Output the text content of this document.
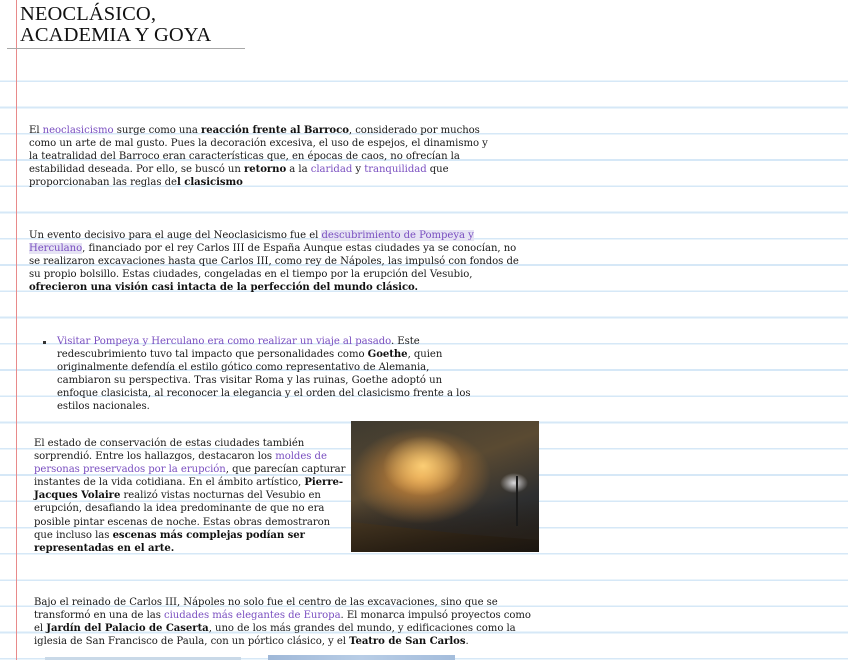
NEOCLÁSICO,
ACADEMIA Y GOYA

El neoclasicismo surge como una reacción frente al Barroco, considerado por muchos como un arte de mal gusto. Pues la decoración excesiva, el uso de espejos, el dinamismo y la teatralidad del Barroco eran características que, en épocas de caos, no ofrecían la estabilidad deseada. Por ello, se buscó un retorno a la claridad y tranquilidad que proporcionaban las reglas del clasicismo

Un evento decisivo para el auge del Neoclasicismo fue el descubrimiento de Pompeya y Herculano, financiado por el rey Carlos III de España Aunque estas ciudades ya se conocían, no se realizaron excavaciones hasta que Carlos III, como rey de Nápoles, las impulsó con fondos de su propio bolsillo. Estas ciudades, congeladas en el tiempo por la erupción del Vesubio, ofrecieron una visión casi intacta de la perfección del mundo clásico.

Visitar Pompeya y Herculano era como realizar un viaje al pasado. Este redescubrimiento tuvo tal impacto que personalidades como Goethe, quien originalmente defendía el estilo gótico como representativo de Alemania, cambiaron su perspectiva. Tras visitar Roma y las ruinas, Goethe adoptó un enfoque clasicista, al reconocer la elegancia y el orden del clasicismo frente a los estilos nacionales.

El estado de conservación de estas ciudades también sorprendió. Entre los hallazgos, destacaron los moldes de personas preservados por la erupción, que parecían capturar instantes de la vida cotidiana. En el ámbito artístico, Pierre-Jacques Volaire realizó vistas nocturnas del Vesubio en erupción, desafiando la idea predominante de que no era posible pintar escenas de noche. Estas obras demostraron que incluso las escenas más complejas podían ser representadas en el arte.

Bajo el reinado de Carlos III, Nápoles no solo fue el centro de las excavaciones, sino que se transformó en una de las ciudades más elegantes de Europa. El monarca impulsó proyectos como el Jardín del Palacio de Caserta, uno de los más grandes del mundo, y edificaciones como la iglesia de San Francisco de Paula, con un pórtico clásico, y el Teatro de San Carlos.
